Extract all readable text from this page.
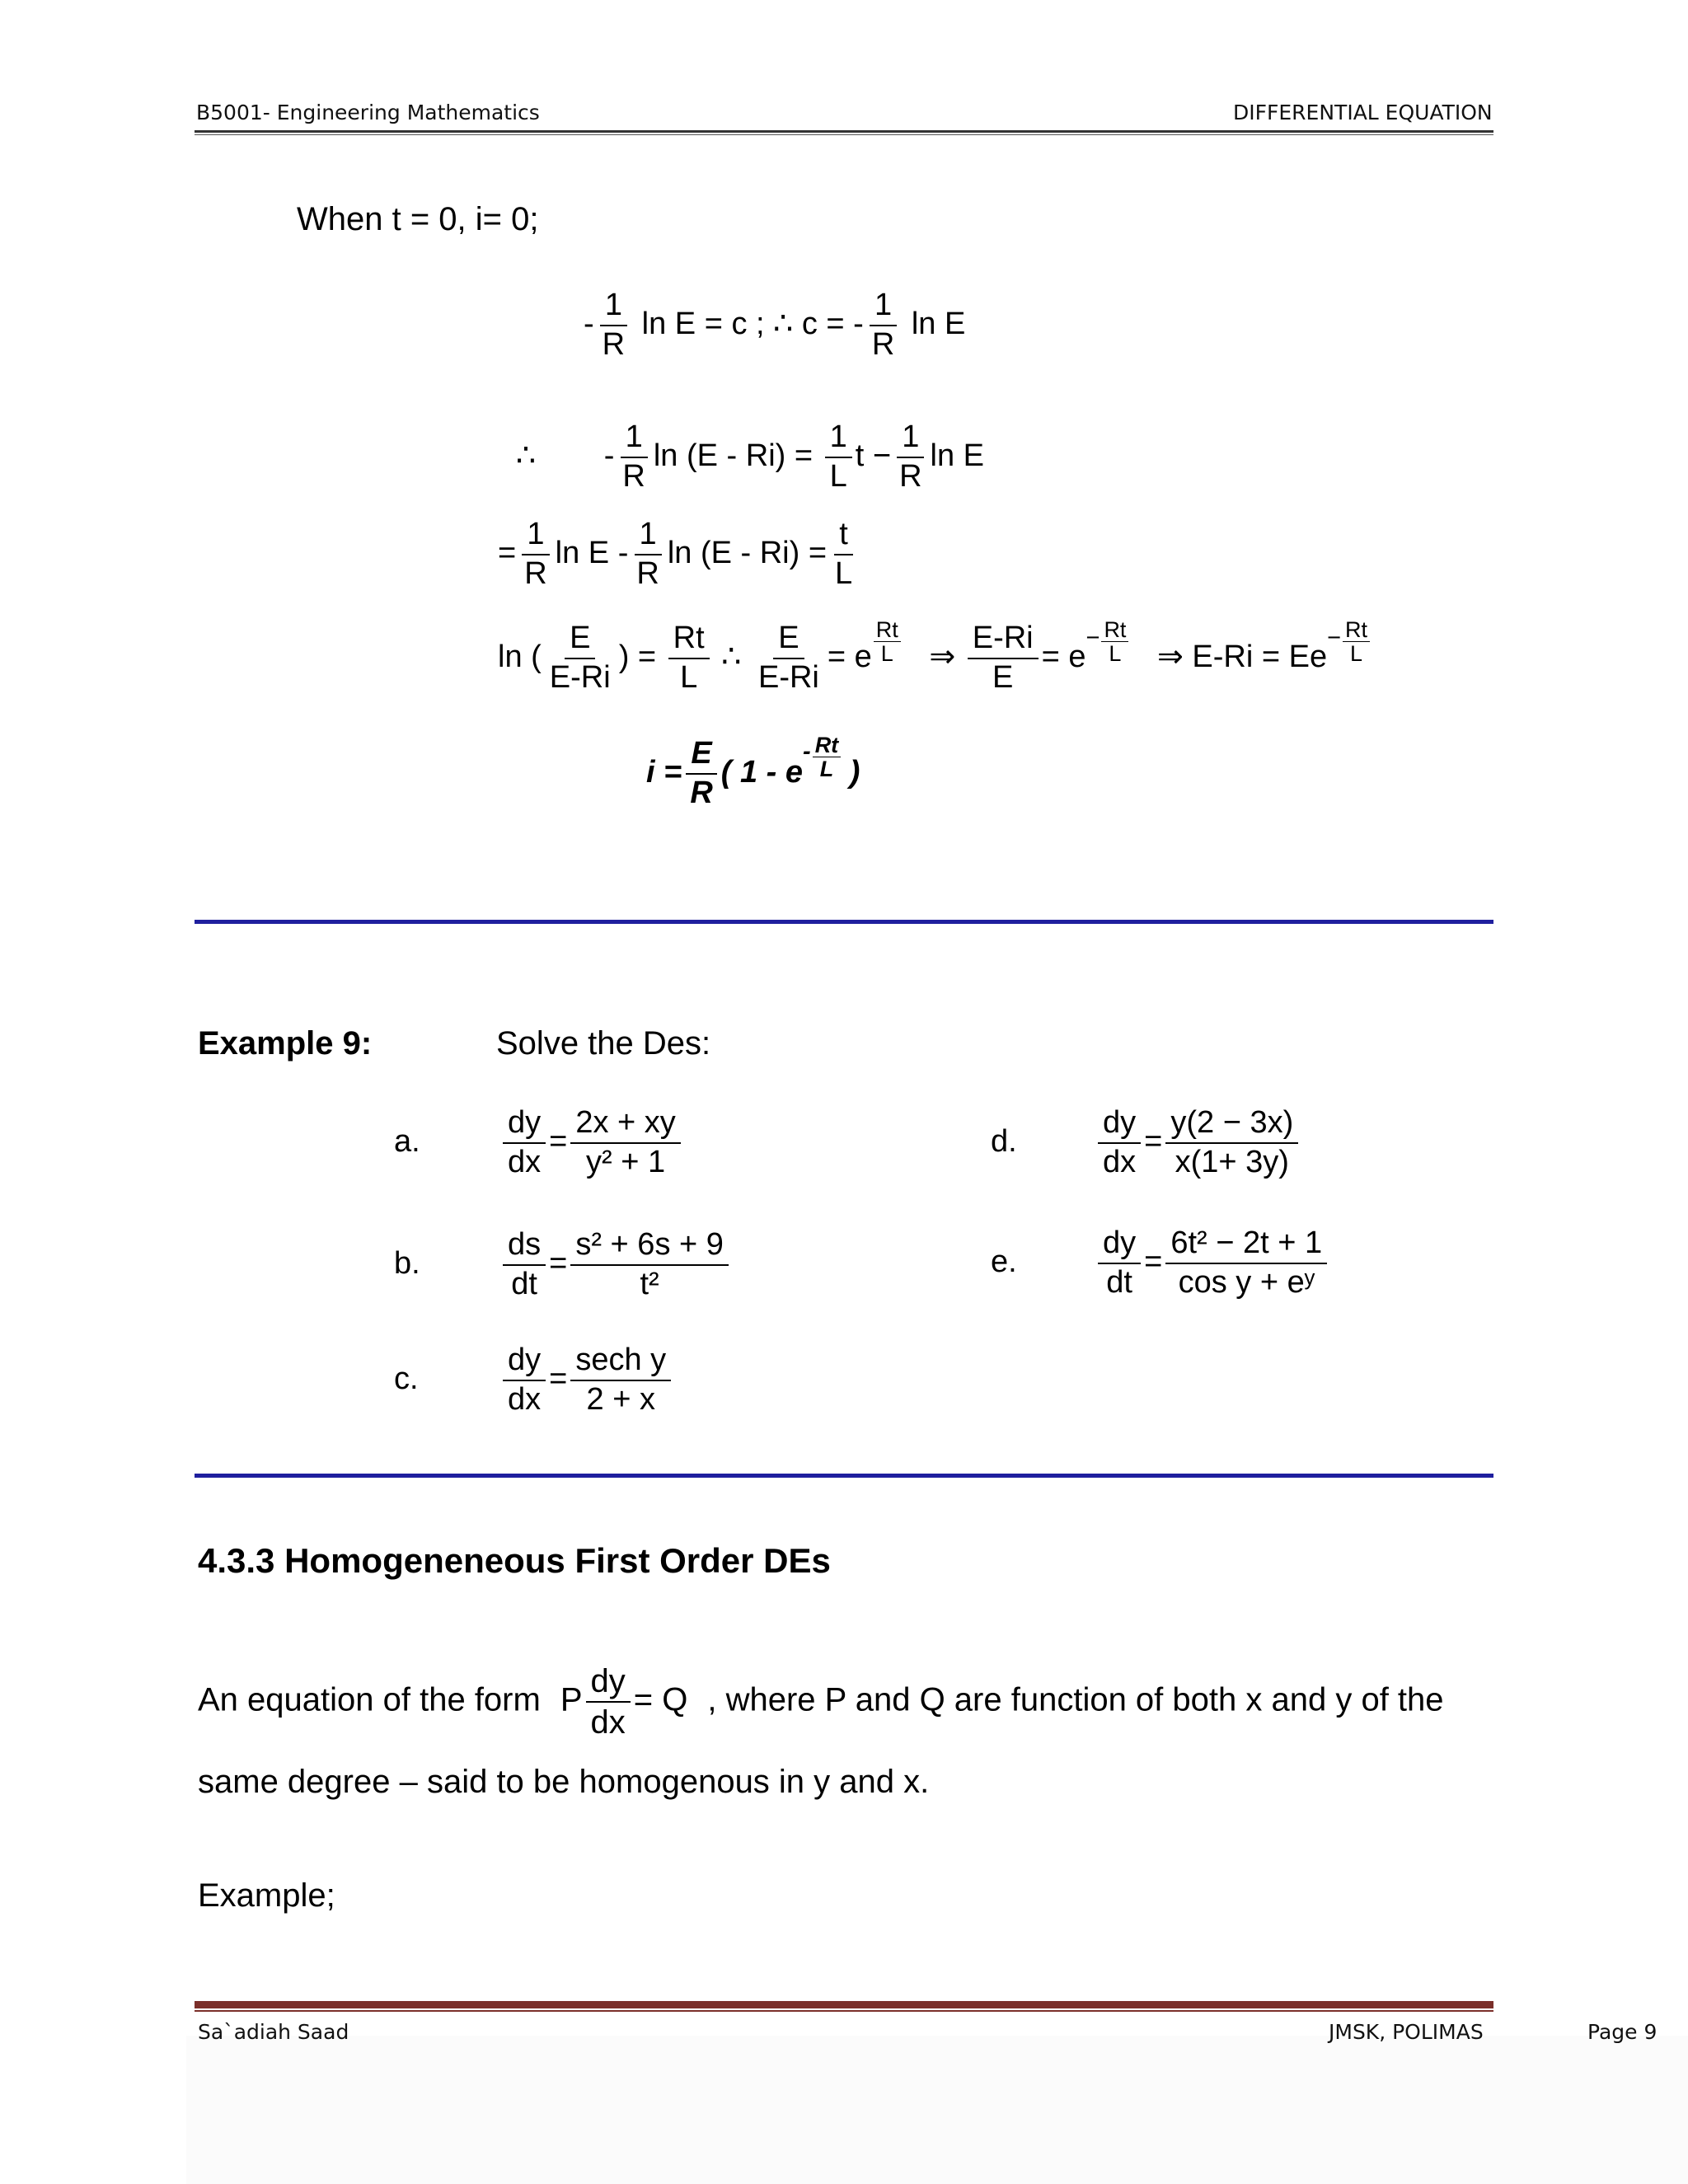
B5001- Engineering Mathematics	DIFFERENTIAL EQUATION
When t = 0, i= 0;
- $\frac{1}{R}$ ln E = c ; ∴ c = - $\frac{1}{R}$ ln E
∴ - $\frac{1}{R}$ $\ln (E - Ri) = \frac{1}{L}$ $t - \frac{1}{R}$ ln E
= $\frac{1}{R}$ ln E - $\frac{1}{R}$ $\ln (E - Ri) = \frac{t}{L}$
ln ( $\frac{E}{E-Ri}$ ) = $\frac{Rt}{L}$ ∴ $\frac{E}{E-Ri} = e \frac{Rt}{L}$ ⇒ $\frac{E-Ri}{E} = e^- \frac{Rt}{L}$ ⇒ $E-Ri = Ee^- \frac{Rt}{L}$
$i = \frac{E}{R}$ ( $1 - e^- \frac{Rt}{L}$ )
Example 9:	Solve the Des:
a.	$\frac{dy}{dx} = \frac{2x + xy}{\text{y² + 1}}$
b.	$\frac{ds}{dt} = \frac{\text{s² + 6s + 9}}{\text{t²}}$
c.	$\frac{dy}{dx} = \frac{\text{sech y}}{2 + x}$
d.	$\frac{dy}{dx} = \frac{y(2 - 3x)}{x(1+ 3y)}$
e.	$\frac{dy}{dt} = \frac{\text{6t² − 2t + 1}}{\text{cos y + eʸ}}$
4.3.3 Homogeneneous First Order DEs
An equation of the form P $\frac{dy}{dx} = Q$ , where P and Q are function of both x and y of the
same degree – said to be homogenous in y and x.
Example;
Sa`adiah Saad	JMSK, POLIMAS	Page 9
